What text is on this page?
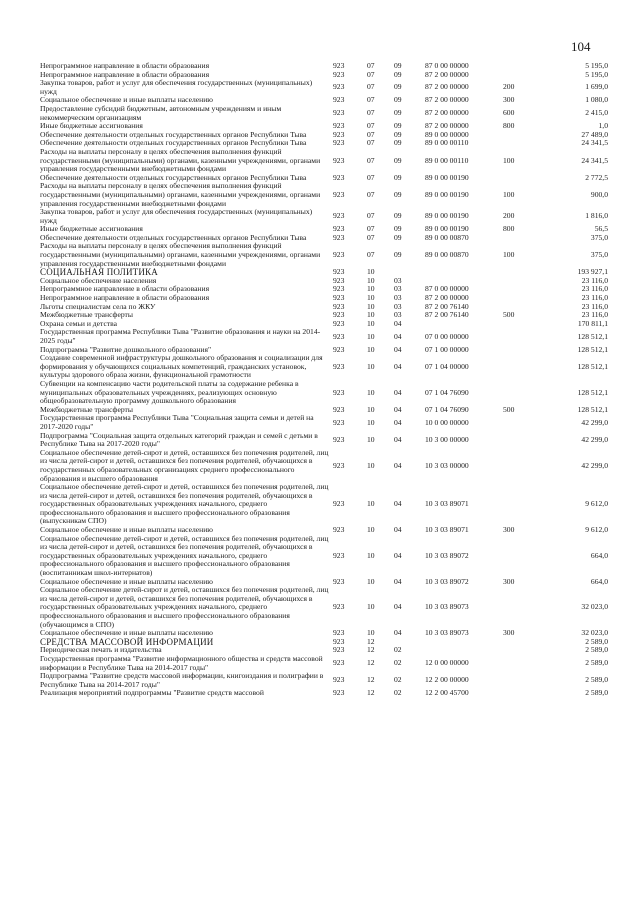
104
Непрограммное направление в области образования	923	07	09	87 0 00 00000		5 195,0
Непрограммное направление в области образования	923	07	09	87 2 00 00000		5 195,0
Закупка товаров, работ и услуг для обеспечения государственных (муниципальных) нужд	923	07	09	87 2 00 00000	200	1 699,0
Социальное обеспечение и иные выплаты населению	923	07	09	87 2 00 00000	300	1 080,0
Предоставление субсидий бюджетным, автономным учреждениям и иным некоммерческим организациям	923	07	09	87 2 00 00000	600	2 415,0
Иные бюджетные ассигнования	923	07	09	87 2 00 00000	800	1,0
Обеспечение деятельности отдельных государственных органов Республики Тыва	923	07	09	89 0 00 00000		27 489,0
Обеспечение деятельности отдельных государственных органов Республики Тыва	923	07	09	89 0 00 00110		24 341,5
Расходы на выплаты персоналу в целях обеспечения выполнения функций государственными (муниципальными) органами, казенными учреждениями, органами управления государственными внебюджетными фондами	923	07	09	89 0 00 00110	100	24 341,5
Обеспечение деятельности отдельных государственных органов Республики Тыва	923	07	09	89 0 00 00190		2 772,5
Расходы на выплаты персоналу в целях обеспечения выполнения функций государственными (муниципальными) органами, казенными учреждениями, органами управления государственными внебюджетными фондами	923	07	09	89 0 00 00190	100	900,0
Закупка товаров, работ и услуг для обеспечения государственных (муниципальных) нужд	923	07	09	89 0 00 00190	200	1 816,0
Иные бюджетные ассигнования	923	07	09	89 0 00 00190	800	56,5
Обеспечение деятельности отдельных государственных органов Республики Тыва	923	07	09	89 0 00 00870		375,0
Расходы на выплаты персоналу в целях обеспечения выполнения функций государственными (муниципальными) органами, казенными учреждениями, органами управления государственными внебюджетными фондами	923	07	09	89 0 00 00870	100	375,0
СОЦИАЛЬНАЯ ПОЛИТИКА	923	10				193 927,1
Социальное обеспечение населения	923	10	03			23 116,0
Непрограммное направление в области образования	923	10	03	87 0 00 00000		23 116,0
Непрограммное направление в области образования	923	10	03	87 2 00 00000		23 116,0
Льготы специалистам села по ЖКУ	923	10	03	87 2 00 76140		23 116,0
Межбюджетные трансферты	923	10	03	87 2 00 76140	500	23 116,0
Охрана семьи и детства	923	10	04			170 811,1
Государственная программа Республики Тыва "Развитие образования и науки на 2014-2025 годы"	923	10	04	07 0 00 00000		128 512,1
Подпрограмма "Развитие дошкольного образования"	923	10	04	07 1 00 00000		128 512,1
Создание современной инфраструктуры дошкольного образования и социализации для формирования у обучающихся социальных компетенций, гражданских установок, культуры здорового образа жизни, функциональной грамотности	923	10	04	07 1 04 00000		128 512,1
Субвенции на компенсацию части родительской платы за содержание ребенка в муниципальных образовательных учреждениях, реализующих основную общеобразовательную программу дошкольного образования	923	10	04	07 1 04 76090		128 512,1
Межбюджетные трансферты	923	10	04	07 1 04 76090	500	128 512,1
Государственная программа Республики Тыва "Социальная защита семьи и детей на 2017-2020 годы"	923	10	04	10 0 00 00000		42 299,0
Подпрограмма "Социальная защита отдельных категорий граждан и семей с детьми в Республике Тыва на 2017-2020 годы"	923	10	04	10 3 00 00000		42 299,0
Социальное обеспечение детей-сирот и детей, оставшихся без попечения родителей, лиц из числа детей-сирот и детей, оставшихся без попечения родителей, обучающихся в государственных образовательных организациях среднего профессионального образования и высшего образования	923	10	04	10 3 03 00000		42 299,0
Социальное обеспечение детей-сирот и детей, оставшихся без попечения родителей, лиц из числа детей-сирот и детей, оставшихся без попечения родителей, обучающихся в государственных образовательных учреждениях начального, среднего профессионального образования и высшего профессионального образования (выпускникам СПО)	923	10	04	10 3 03 89071		9 612,0
Социальное обеспечение и иные выплаты населению	923	10	04	10 3 03 89071	300	9 612,0
Социальное обеспечение детей-сирот и детей, оставшихся без попечения родителей, лиц из числа детей-сирот и детей, оставшихся без попечения родителей, обучающихся в государственных образовательных учреждениях начального, среднего профессионального образования и высшего профессионального образования (воспитанникам школ-интернатов)	923	10	04	10 3 03 89072		664,0
Социальное обеспечение и иные выплаты населению	923	10	04	10 3 03 89072	300	664,0
Социальное обеспечение детей-сирот и детей, оставшихся без попечения родителей, лиц из числа детей-сирот и детей, оставшихся без попечения родителей, обучающихся в государственных образовательных учреждениях начального, среднего профессионального образования и высшего профессионального образования (обучающимся в СПО)	923	10	04	10 3 03 89073		32 023,0
Социальное обеспечение и иные выплаты населению	923	10	04	10 3 03 89073	300	32 023,0
СРЕДСТВА МАССОВОЙ ИНФОРМАЦИИ	923	12				2 589,0
Периодическая печать и издательства	923	12	02			2 589,0
Государственная программа "Развитие информационного общества и средств массовой информации в Республике Тыва на 2014-2017 годы"	923	12	02	12 0 00 00000		2 589,0
Подпрограмма "Развитие средств массовой информации, книгоиздания и полиграфии в Республике Тыва на 2014-2017 годы"	923	12	02	12 2 00 00000		2 589,0
Реализация мероприятий подпрограммы "Развитие средств массовой	923	12	02	12 2 00 45700		2 589,0
